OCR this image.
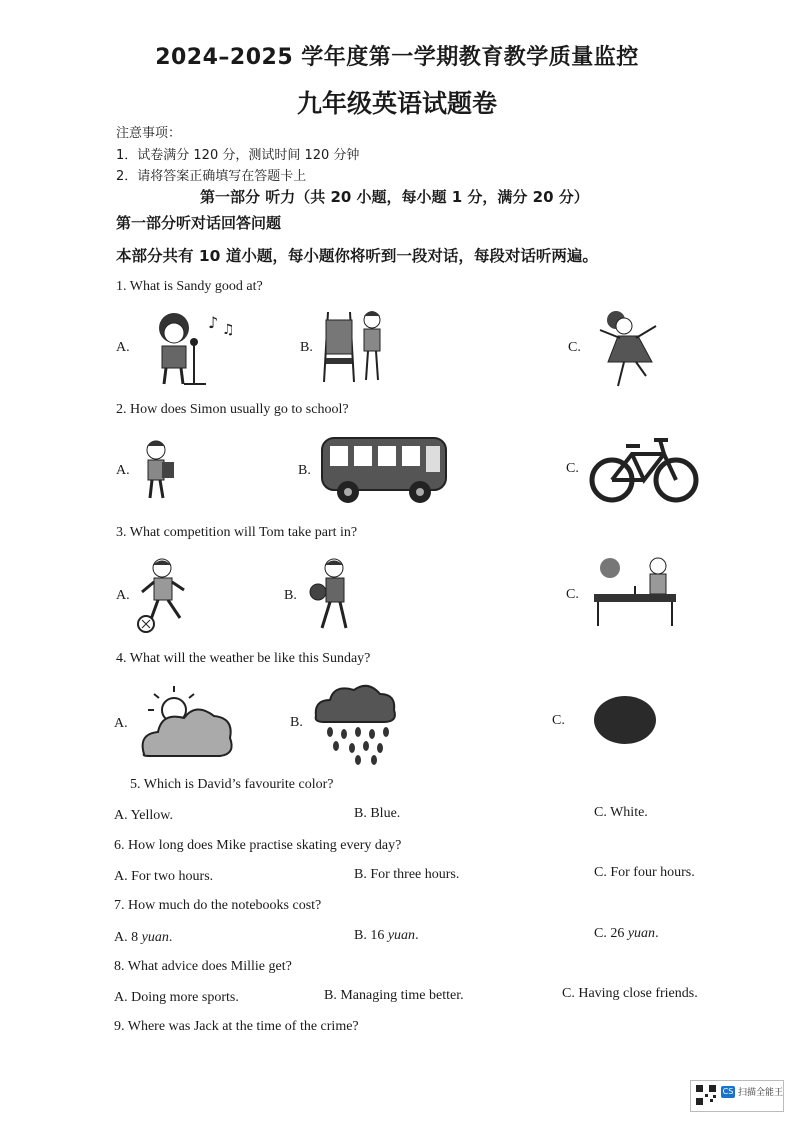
2024–2025 学年度第一学期教育教学质量监控
九年级英语试题卷
注意事项：
1．试卷满分 120 分，测试时间 120 分钟
2．请将答案正确填写在答题卡上
第一部分 听力（共 20 小题，每小题 1 分，满分 20 分）
第一部分听对话回答问题
本部分共有 10 道小题，每小题你将听到一段对话，每段对话听两遍。
1. What is Sandy good at?
A.
♪ ♫
B.	C.
2. How does Simon usually go to school?
A.	B.	C.
3. What competition will Tom take part in?
A.	B.	C.
4. What will the weather be like this Sunday?
A.	B.	C.
5. Which is David’s favourite color?
A. Yellow.	B. Blue.	C. White.
6. How long does Mike practise skating every day?
A. For two hours.	B. For three hours.	C. For four hours.
7. How much do the notebooks cost?
A. 8 yuan.	B. 16 yuan.	C. 26 yuan.
8. What advice does Millie get?
A. Doing more sports.	B. Managing time better.	C. Having close friends.
9. Where was Jack at the time of the crime?
CS 扫描全能王
